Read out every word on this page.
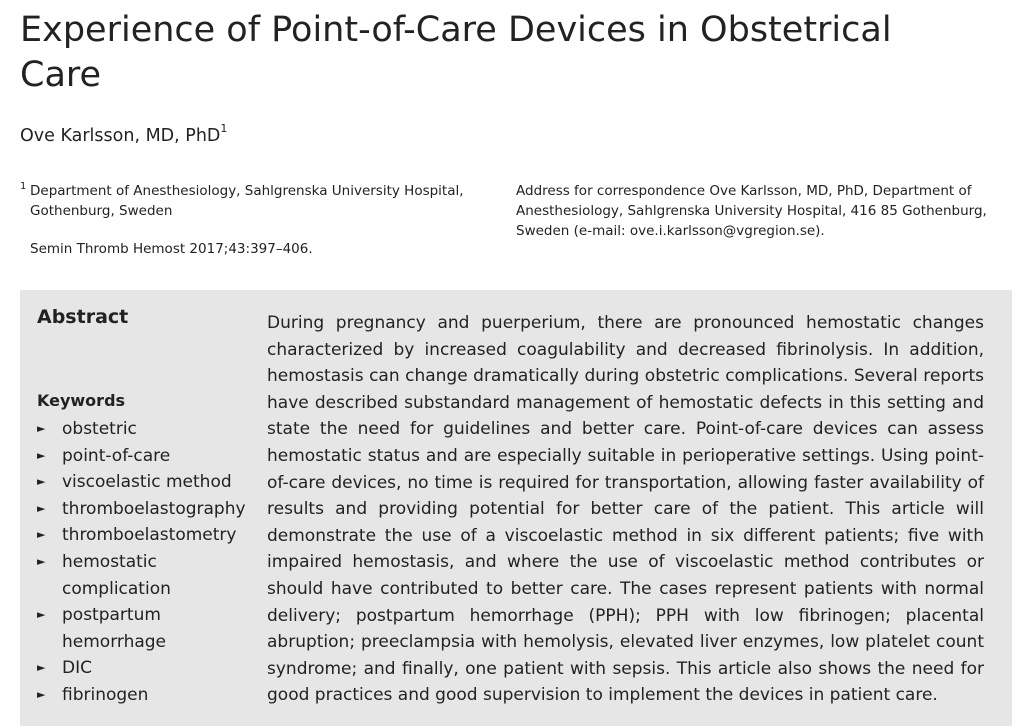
Experience of Point-of-Care Devices in Obstetrical Care
Ove Karlsson, MD, PhD$^1$
1 Department of Anesthesiology, Sahlgrenska University Hospital, Gothenburg, Sweden
Semin Thromb Hemost 2017;43:397–406.
Address for correspondence Ove Karlsson, MD, PhD, Department of Anesthesiology, Sahlgrenska University Hospital, 416 85 Gothenburg, Sweden (e-mail: ove.i.karlsson@vgregion.se).
Abstract
Keywords
► obstetric
► point-of-care
► viscoelastic method
► thromboelastography
► thromboelastometry
► hemostatic complication
► postpartum hemorrhage
► DIC
► fibrinogen

During pregnancy and puerperium, there are pronounced hemostatic changes characterized by increased coagulability and decreased fibrinolysis. In addition, hemostasis can change dramatically during obstetric complications. Several reports have described substandard management of hemostatic defects in this setting and state the need for guidelines and better care. Point-of-care devices can assess hemostatic status and are especially suitable in perioperative settings. Using point-of-care devices, no time is required for transportation, allowing faster availability of results and providing potential for better care of the patient. This article will demonstrate the use of a viscoelastic method in six different patients; five with impaired hemostasis, and where the use of viscoelastic method contributes or should have contributed to better care. The cases represent patients with normal delivery; postpartum hemorrhage (PPH); PPH with low fibrinogen; placental abruption; preeclampsia with hemolysis, elevated liver enzymes, low platelet count syndrome; and finally, one patient with sepsis. This article also shows the need for good practices and good supervision to implement the devices in patient care.
